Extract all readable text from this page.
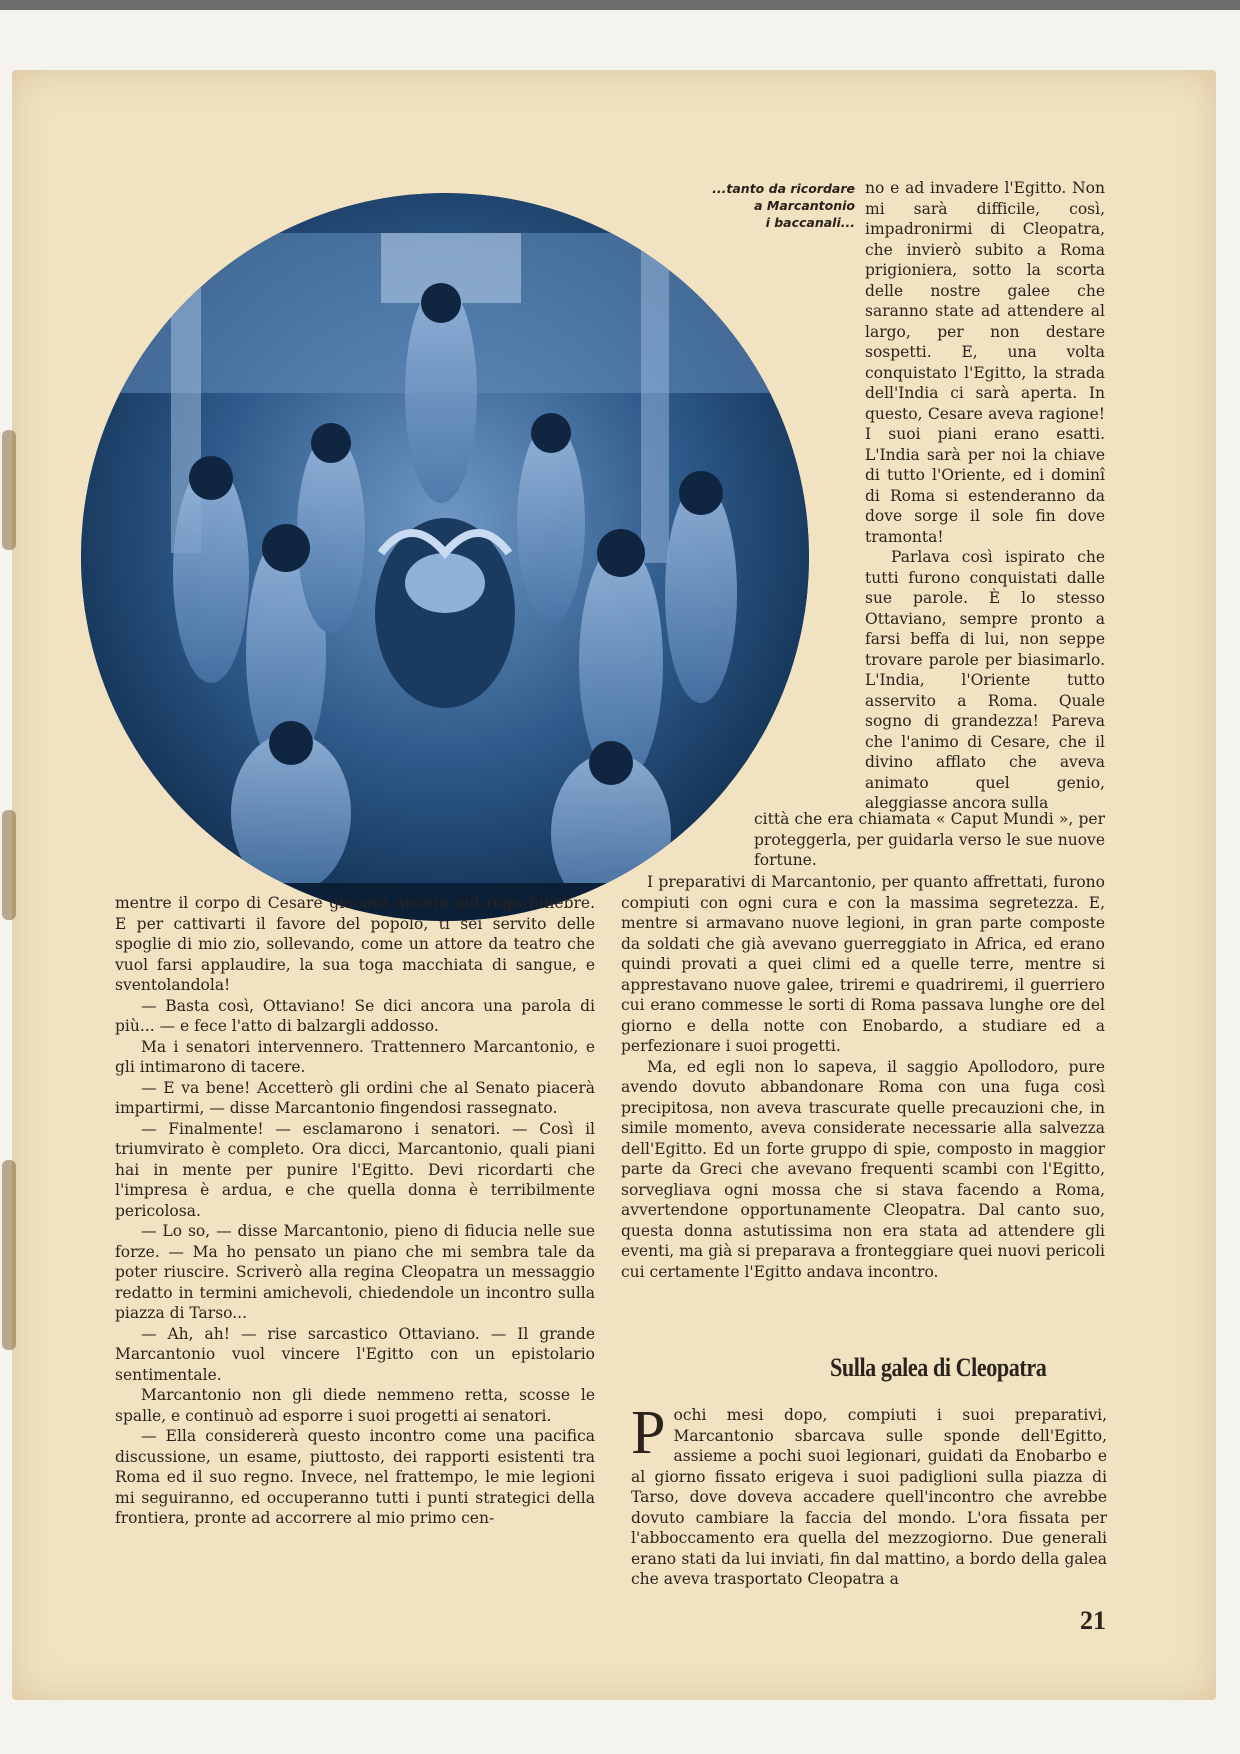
...tanto da ricordare
a Marcantonio
i baccanali...

no e ad invadere l'Egitto. Non mi sarà difficile, così, impadronirmi di Cleopatra, che invierò subito a Roma prigioniera, sotto la scorta delle nostre galee che saranno state ad attendere al largo, per non destare sospetti. E, una volta conquistato l'Egitto, la strada dell'India ci sarà aperta. In questo, Cesare aveva ragione! I suoi piani erano esatti. L'India sarà per noi la chiave di tutto l'Oriente, ed i dominî di Roma si estenderanno da dove sorge il sole fin dove tramonta!

Parlava così ispirato che tutti furono conquistati dalle sue parole. È lo stesso Ottaviano, sempre pronto a farsi beffa di lui, non seppe trovare parole per biasimarlo. L'India, l'Oriente tutto asservito a Roma. Quale sogno di grandezza! Pareva che l'animo di Cesare, che il divino afflato che aveva animato quel genio, aleggiasse ancora sulla

città che era chiamata « Caput Mundi », per proteggerla, per guidarla verso le sue nuove fortune.

mentre il corpo di Cesare giaceva ancora sul rogo funebre. E per cattivarti il favore del popolo, ti sei servito delle spoglie di mio zio, sollevando, come un attore da teatro che vuol farsi applaudire, la sua toga macchiata di sangue, e sventolandola!

— Basta così, Ottaviano! Se dici ancora una parola di più... — e fece l'atto di balzargli addosso.

Ma i senatori intervennero. Trattennero Marcantonio, e gli intimarono di tacere.

— E va bene! Accetterò gli ordini che al Senato piacerà impartirmi, — disse Marcantonio fingendosi rassegnato.

— Finalmente! — esclamarono i senatori. — Così il triumvirato è completo. Ora dicci, Marcantonio, quali piani hai in mente per punire l'Egitto. Devi ricordarti che l'impresa è ardua, e che quella donna è terribilmente pericolosa.

— Lo so, — disse Marcantonio, pieno di fiducia nelle sue forze. — Ma ho pensato un piano che mi sembra tale da poter riuscire. Scriverò alla regina Cleopatra un messaggio redatto in termini amichevoli, chiedendole un incontro sulla piazza di Tarso...

— Ah, ah! — rise sarcastico Ottaviano. — Il grande Marcantonio vuol vincere l'Egitto con un epistolario sentimentale.

Marcantonio non gli diede nemmeno retta, scosse le spalle, e continuò ad esporre i suoi progetti ai senatori.

— Ella considererà questo incontro come una pacifica discussione, un esame, piuttosto, dei rapporti esistenti tra Roma ed il suo regno. Invece, nel frattempo, le mie legioni mi seguiranno, ed occuperanno tutti i punti strategici della frontiera, pronte ad accorrere al mio primo cen-

I preparativi di Marcantonio, per quanto affrettati, furono compiuti con ogni cura e con la massima segretezza. E, mentre si armavano nuove legioni, in gran parte composte da soldati che già avevano guerreggiato in Africa, ed erano quindi provati a quei climi ed a quelle terre, mentre si apprestavano nuove galee, triremi e quadriremi, il guerriero cui erano commesse le sorti di Roma passava lunghe ore del giorno e della notte con Enobardo, a studiare ed a perfezionare i suoi progetti.

Ma, ed egli non lo sapeva, il saggio Apollodoro, pure avendo dovuto abbandonare Roma con una fuga così precipitosa, non aveva trascurate quelle precauzioni che, in simile momento, aveva considerate necessarie alla salvezza dell'Egitto. Ed un forte gruppo di spie, composto in maggior parte da Greci che avevano frequenti scambi con l'Egitto, sorvegliava ogni mossa che si stava facendo a Roma, avvertendone opportunamente Cleopatra. Dal canto suo, questa donna astutissima non era stata ad attendere gli eventi, ma già si preparava a fronteggiare quei nuovi pericoli cui certamente l'Egitto andava incontro.

Sulla galea di Cleopatra

Pochi mesi dopo, compiuti i suoi preparativi, Marcantonio sbarcava sulle sponde dell'Egitto, assieme a pochi suoi legionari, guidati da Enobarbo e al giorno fissato erigeva i suoi padiglioni sulla piazza di Tarso, dove doveva accadere quell'incontro che avrebbe dovuto cambiare la faccia del mondo. L'ora fissata per l'abboccamento era quella del mezzogiorno. Due generali erano stati da lui inviati, fin dal mattino, a bordo della galea che aveva trasportato Cleopatra a

21
